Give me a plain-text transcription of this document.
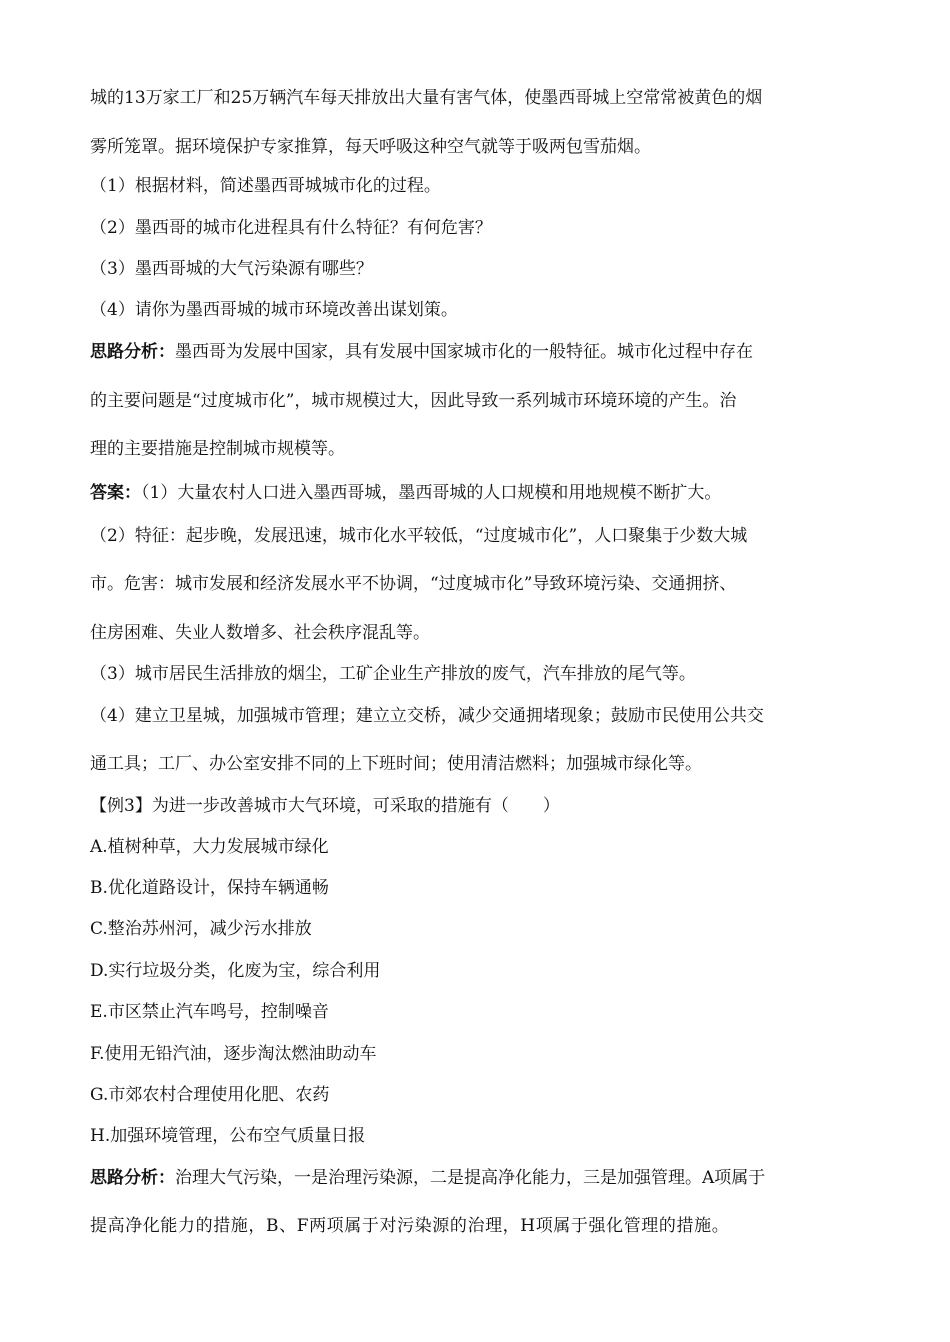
城的13万家工厂和25万辆汽车每天排放出大量有害气体，使墨西哥城上空常常被黄色的烟
雾所笼罩。据环境保护专家推算，每天呼吸这种空气就等于吸两包雪茄烟。
（1）根据材料，简述墨西哥城城市化的过程。
（2）墨西哥的城市化进程具有什么特征？有何危害？
（3）墨西哥城的大气污染源有哪些？
（4）请你为墨西哥城的城市环境改善出谋划策。
思路分析：墨西哥为发展中国家，具有发展中国家城市化的一般特征。城市化过程中存在
的主要问题是“过度城市化”，城市规模过大，因此导致一系列城市环境环境的产生。治
理的主要措施是控制城市规模等。
答案：（1）大量农村人口进入墨西哥城，墨西哥城的人口规模和用地规模不断扩大。
（2）特征：起步晚，发展迅速，城市化水平较低，“过度城市化”，人口聚集于少数大城
市。危害：城市发展和经济发展水平不协调，“过度城市化”导致环境污染、交通拥挤、
住房困难、失业人数增多、社会秩序混乱等。
（3）城市居民生活排放的烟尘，工矿企业生产排放的废气，汽车排放的尾气等。
（4）建立卫星城，加强城市管理；建立立交桥，减少交通拥堵现象；鼓励市民使用公共交
通工具；工厂、办公室安排不同的上下班时间；使用清洁燃料；加强城市绿化等。
【例3】为进一步改善城市大气环境，可采取的措施有（　　）
A.植树种草，大力发展城市绿化
B.优化道路设计，保持车辆通畅
C.整治苏州河，减少污水排放
D.实行垃圾分类，化废为宝，综合利用
E.市区禁止汽车鸣号，控制噪音
F.使用无铅汽油，逐步淘汰燃油助动车
G.市郊农村合理使用化肥、农药
H.加强环境管理，公布空气质量日报
思路分析：治理大气污染，一是治理污染源，二是提高净化能力，三是加强管理。A项属于
提高净化能力的措施，B、F两项属于对污染源的治理，H项属于强化管理的措施。
